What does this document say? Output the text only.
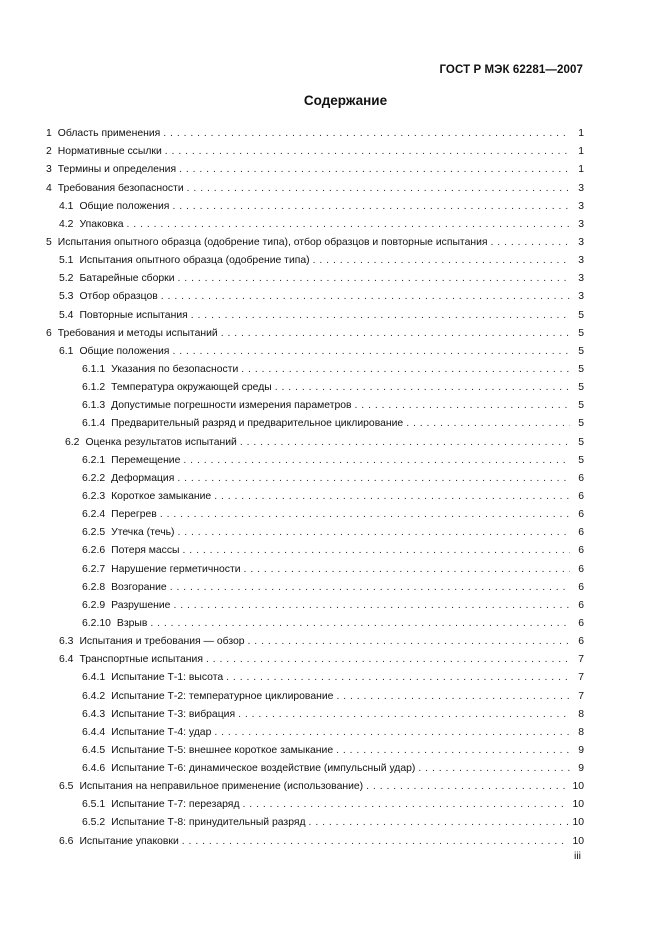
ГОСТ Р МЭК 62281—2007
Содержание
1 Область применения . . .	1
2 Нормативные ссылки . . .	1
3 Термины и определения . . .	1
4 Требования безопасности . . .	3
4.1 Общие положения . . .	3
4.2 Упаковка . . .	3
5 Испытания опытного образца (одобрение типа), отбор образцов и повторные испытания . . .	3
5.1 Испытания опытного образца (одобрение типа) . . .	3
5.2 Батарейные сборки . . .	3
5.3 Отбор образцов . . .	3
5.4 Повторные испытания . . .	5
6 Требования и методы испытаний . . .	5
6.1 Общие положения . . .	5
6.1.1 Указания по безопасности . . .	5
6.1.2 Температура окружающей среды . . .	5
6.1.3 Допустимые погрешности измерения параметров . . .	5
6.1.4 Предварительный разряд и предварительное циклирование . . .	5
6.2 Оценка результатов испытаний . . .	5
6.2.1 Перемещение . . .	5
6.2.2 Деформация . . .	6
6.2.3 Короткое замыкание . . .	6
6.2.4 Перегрев . . .	6
6.2.5 Утечка (течь) . . .	6
6.2.6 Потеря массы . . .	6
6.2.7 Нарушение герметичности . . .	6
6.2.8 Возгорание . . .	6
6.2.9 Разрушение . . .	6
6.2.10 Взрыв . . .	6
6.3 Испытания и требования — обзор . . .	6
6.4 Транспортные испытания . . .	7
6.4.1 Испытание Т-1: высота . . .	7
6.4.2 Испытание Т-2: температурное циклирование . . .	7
6.4.3 Испытание Т-3: вибрация . . .	8
6.4.4 Испытание Т-4: удар . . .	8
6.4.5 Испытание Т-5: внешнее короткое замыкание . . .	9
6.4.6 Испытание Т-6: динамическое воздействие (импульсный удар) . . .	9
6.5 Испытания на неправильное применение (использование) . . .	10
6.5.1 Испытание Т-7: перезаряд . . .	10
6.5.2 Испытание Т-8: принудительный разряд . . .	10
6.6 Испытание упаковки . . .	10
iii
